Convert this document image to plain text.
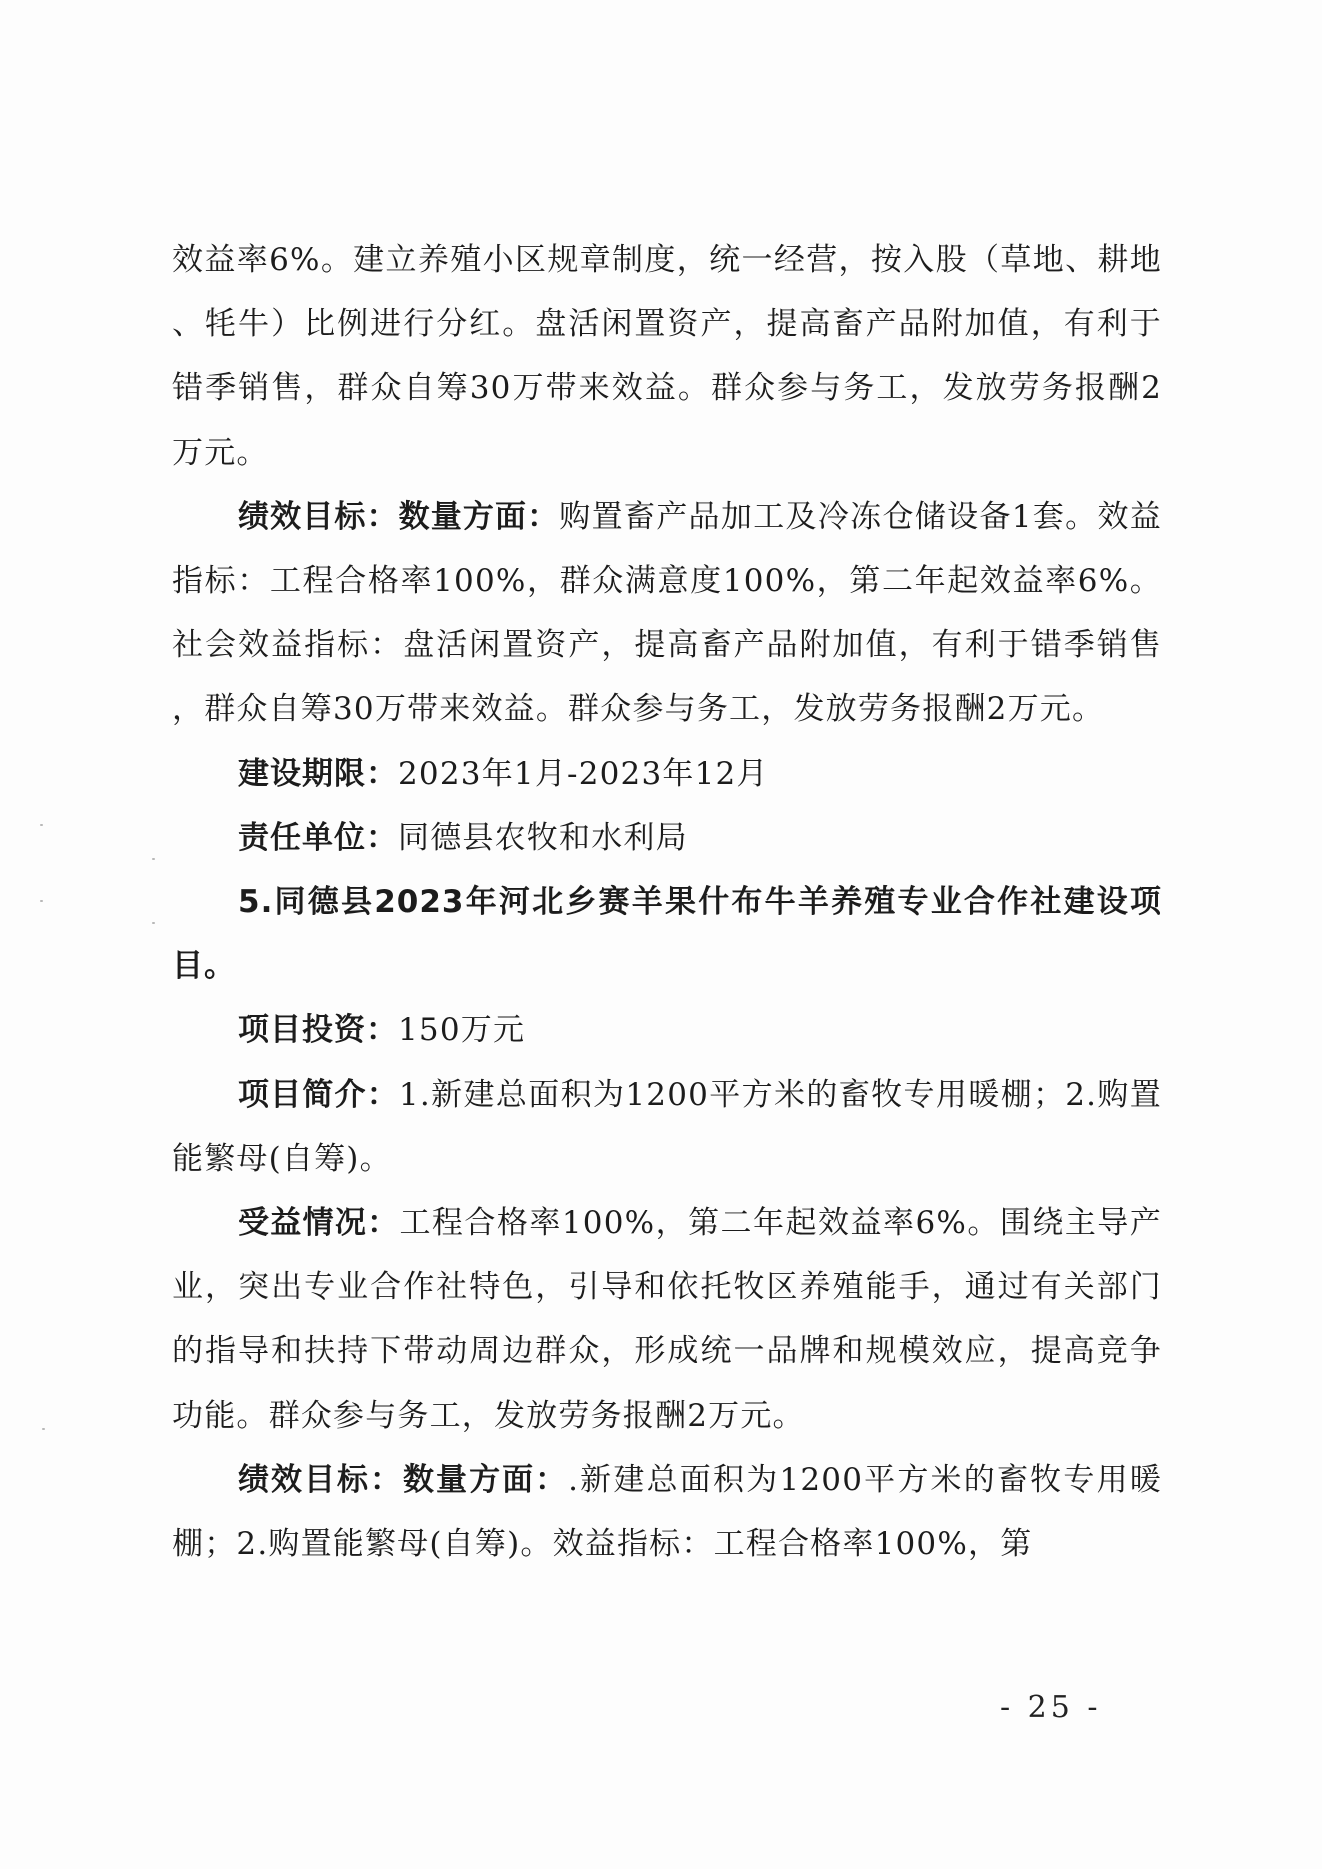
效益率6%。建立养殖小区规章制度，统一经营，按入股（草地、耕地、牦牛）比例进行分红。盘活闲置资产，提高畜产品附加值，有利于错季销售，群众自筹30万带来效益。群众参与务工，发放劳务报酬2万元。

绩效目标：数量方面：购置畜产品加工及冷冻仓储设备1套。效益指标：工程合格率100%，群众满意度100%，第二年起效益率6%。社会效益指标：盘活闲置资产，提高畜产品附加值，有利于错季销售，群众自筹30万带来效益。群众参与务工，发放劳务报酬2万元。

建设期限：2023年1月-2023年12月

责任单位：同德县农牧和水利局

5.同德县2023年河北乡赛羊果什布牛羊养殖专业合作社建设项目。

项目投资：150万元

项目简介：1.新建总面积为1200平方米的畜牧专用暖棚；2.购置能繁母(自筹)。

受益情况：工程合格率100%，第二年起效益率6%。围绕主导产业，突出专业合作社特色，引导和依托牧区养殖能手，通过有关部门的指导和扶持下带动周边群众，形成统一品牌和规模效应，提高竞争功能。群众参与务工，发放劳务报酬2万元。

绩效目标：数量方面：.新建总面积为1200平方米的畜牧专用暖棚；2.购置能繁母(自筹)。效益指标：工程合格率100%，第

- 25 -
